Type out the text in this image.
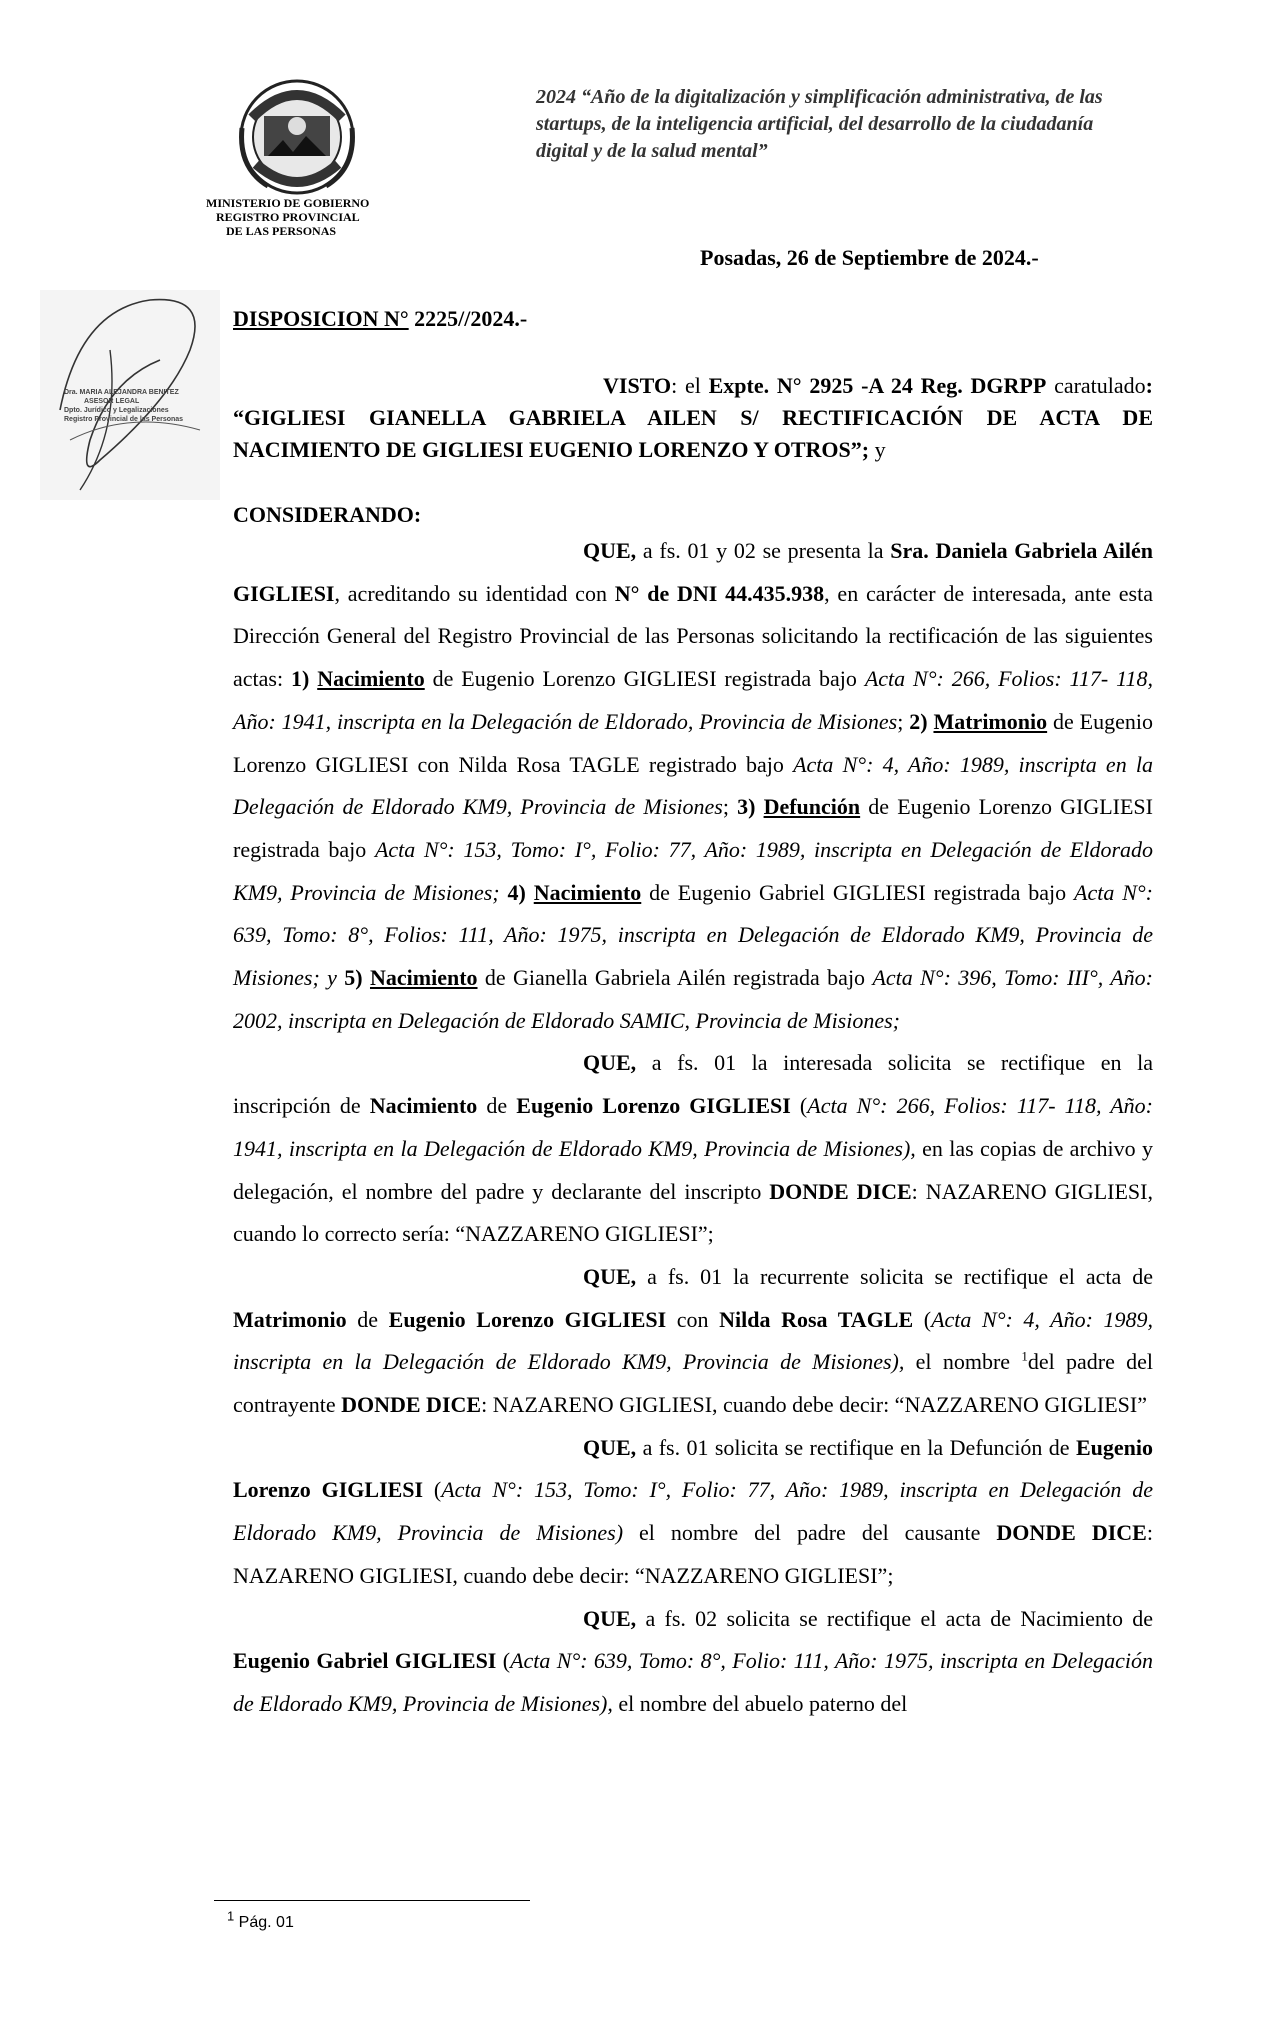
MINISTERIO DE GOBIERNO
REGISTRO PROVINCIAL
DE LAS PERSONAS
2024 “Año de la digitalización y simplificación administrativa, de las startups, de la inteligencia artificial, del desarrollo de la ciudadanía digital y de la salud mental”
Posadas, 26 de Septiembre de 2024.-
Dra. MARIA ALEJANDRA BENITEZ
ASESOR LEGAL
Dpto. Jurídico y Legalizaciones
Registro Provincial de las Personas
DISPOSICION N° 2225//2024.-

VISTO: el Expte. N° 2925 -A 24 Reg. DGRPP caratulado: “GIGLIESI GIANELLA GABRIELA AILEN S/ RECTIFICACIÓN DE ACTA DE NACIMIENTO DE GIGLIESI EUGENIO LORENZO Y OTROS”; y

CONSIDERANDO:

QUE, a fs. 01 y 02 se presenta la Sra. Daniela Gabriela Ailén GIGLIESI, acreditando su identidad con N° de DNI 44.435.938, en carácter de interesada, ante esta Dirección General del Registro Provincial de las Personas solicitando la rectificación de las siguientes actas: 1) Nacimiento de Eugenio Lorenzo GIGLIESI registrada bajo Acta N°: 266, Folios: 117- 118, Año: 1941, inscripta en la Delegación de Eldorado, Provincia de Misiones; 2) Matrimonio de Eugenio Lorenzo GIGLIESI con Nilda Rosa TAGLE registrado bajo Acta N°: 4, Año: 1989, inscripta en la Delegación de Eldorado KM9, Provincia de Misiones; 3) Defunción de Eugenio Lorenzo GIGLIESI registrada bajo Acta N°: 153, Tomo: I°, Folio: 77, Año: 1989, inscripta en Delegación de Eldorado KM9, Provincia de Misiones; 4) Nacimiento de Eugenio Gabriel GIGLIESI registrada bajo Acta N°: 639, Tomo: 8°, Folios: 111, Año: 1975, inscripta en Delegación de Eldorado KM9, Provincia de Misiones; y 5) Nacimiento de Gianella Gabriela Ailén registrada bajo Acta N°: 396, Tomo: III°, Año: 2002, inscripta en Delegación de Eldorado SAMIC, Provincia de Misiones;

QUE, a fs. 01 la interesada solicita se rectifique en la inscripción de Nacimiento de Eugenio Lorenzo GIGLIESI (Acta N°: 266, Folios: 117- 118, Año: 1941, inscripta en la Delegación de Eldorado KM9, Provincia de Misiones), en las copias de archivo y delegación, el nombre del padre y declarante del inscripto DONDE DICE: NAZARENO GIGLIESI, cuando lo correcto sería: “NAZZARENO GIGLIESI”;

QUE, a fs. 01 la recurrente solicita se rectifique el acta de Matrimonio de Eugenio Lorenzo GIGLIESI con Nilda Rosa TAGLE (Acta N°: 4, Año: 1989, inscripta en la Delegación de Eldorado KM9, Provincia de Misiones), el nombre $^1$del padre del contrayente DONDE DICE: NAZARENO GIGLIESI, cuando debe decir: “NAZZARENO GIGLIESI”

QUE, a fs. 01 solicita se rectifique en la Defunción de Eugenio Lorenzo GIGLIESI (Acta N°: 153, Tomo: I°, Folio: 77, Año: 1989, inscripta en Delegación de Eldorado KM9, Provincia de Misiones) el nombre del padre del causante DONDE DICE: NAZARENO GIGLIESI, cuando debe decir: “NAZZARENO GIGLIESI”;

QUE, a fs. 02 solicita se rectifique el acta de Nacimiento de Eugenio Gabriel GIGLIESI (Acta N°: 639, Tomo: 8°, Folio: 111, Año: 1975, inscripta en Delegación de Eldorado KM9, Provincia de Misiones), el nombre del abuelo paterno del

$^1$ Pág. 01
